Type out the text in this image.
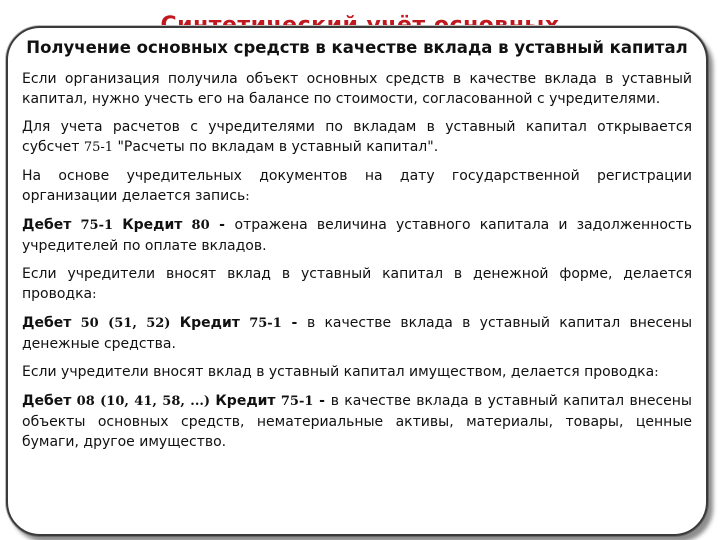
Получение основных средств в качестве вклада в уставный капитал
Если организация получила объект основных средств в качестве вклада в уставный капитал, нужно учесть его на балансе по стоимости, согласованной с учредителями.
Для учета расчетов с учредителями по вкладам в уставный капитал открывается субсчет 75-1 "Расчеты по вкладам в уставный капитал".
На основе учредительных документов на дату государственной регистрации организации делается запись:
Дебет 75-1 Кредит 80 - отражена величина уставного капитала и задолженность учредителей по оплате вкладов.
Если учредители вносят вклад в уставный капитал в денежной форме, делается проводка:
Дебет 50 (51, 52) Кредит 75-1 - в качестве вклада в уставный капитал внесены денежные средства.
Если учредители вносят вклад в уставный капитал имуществом, делается проводка:
Дебет 08 (10, 41, 58, ...) Кредит 75-1 - в качестве вклада в уставный капитал внесены объекты основных средств, нематериальные активы, материалы, товары, ценные бумаги, другое имущество.
